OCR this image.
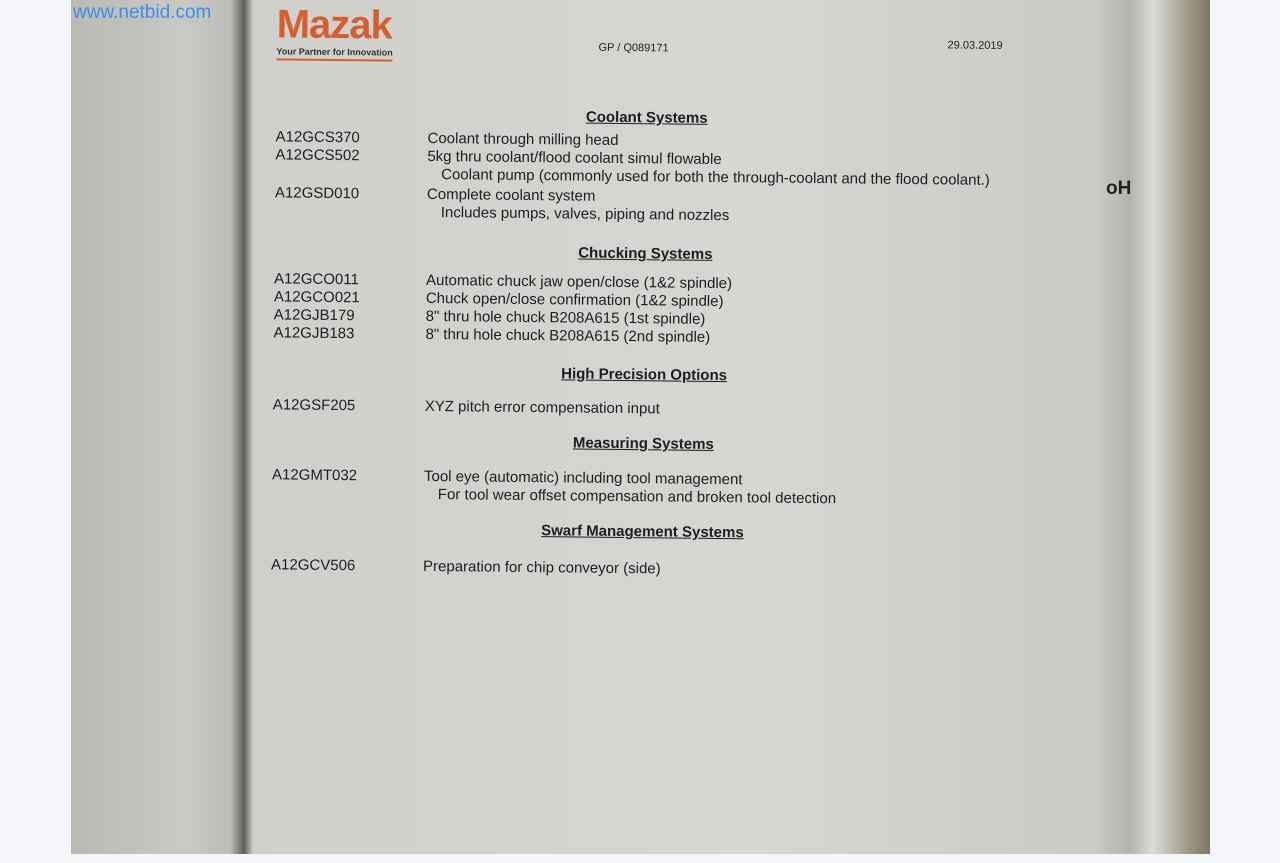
www.netbid.com Mazak
Your Partner for Innovation	GP / Q089171	29.03.2019
Coolant Systems
A12GCS370	Coolant through milling head
A12GCS502	5kg thru coolant/flood coolant simul flowable
Coolant pump (commonly used for both the through-coolant and the flood coolant.)
A12GSD010	Complete coolant system
Includes pumps, valves, piping and nozzles
Chucking Systems
A12GCO011	Automatic chuck jaw open/close (1&2 spindle)
A12GCO021	Chuck open/close confirmation (1&2 spindle)
A12GJB179	8" thru hole chuck B208A615 (1st spindle)
A12GJB183	8" thru hole chuck B208A615 (2nd spindle)
High Precision Options
A12GSF205	XYZ pitch error compensation input
Measuring Systems
A12GMT032	Tool eye (automatic) including tool management
For tool wear offset compensation and broken tool detection
Swarf Management Systems
A12GCV506	Preparation for chip conveyor (side)
oH
